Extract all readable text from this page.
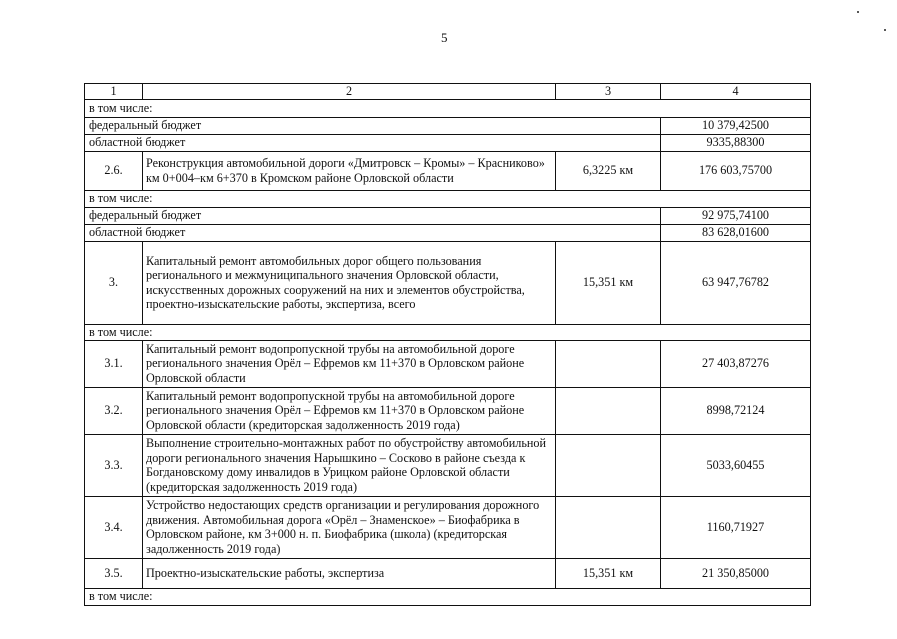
5
1	2	3	4
в том числе:			
федеральный бюджет			10 379,42500
областной бюджет			9335,88300
2.6.	Реконструкция автомобильной дороги «Дмитровск – Кромы» – Красниково» км 0+004–км 6+370 в Кромском районе Орловской области	6,3225 км	176 603,75700
в том числе:			
федеральный бюджет			92 975,74100
областной бюджет			83 628,01600
3.	Капитальный ремонт автомобильных дорог общего пользования регионального и межмуниципального значения Орловской области, искусственных дорожных сооружений на них и элементов обустройства, проектно-изыскательские работы, экспертиза, всего	15,351 км	63 947,76782
в том числе:			
3.1.	Капитальный ремонт водопропускной трубы на автомобильной дороге регионального значения Орёл – Ефремов км 11+370 в Орловском районе Орловской области		27 403,87276
3.2.	Капитальный ремонт водопропускной трубы на автомобильной дороге регионального значения Орёл – Ефремов км 11+370 в Орловском районе Орловской области (кредиторская задолженность 2019 года)		8998,72124
3.3.	Выполнение строительно-монтажных работ по обустройству автомобильной дороги регионального значения Нарышкино – Сосково в районе съезда к Богдановскому дому инвалидов в Урицком районе Орловской области (кредиторская задолженность 2019 года)		5033,60455
3.4.	Устройство недостающих средств организации и регулирования дорожного движения. Автомобильная дорога «Орёл – Знаменское» – Биофабрика в Орловском районе, км 3+000 н. п. Биофабрика (школа) (кредиторская задолженность 2019 года)		1160,71927
3.5.	Проектно-изыскательские работы, экспертиза	15,351 км	21 350,85000
в том числе:			
